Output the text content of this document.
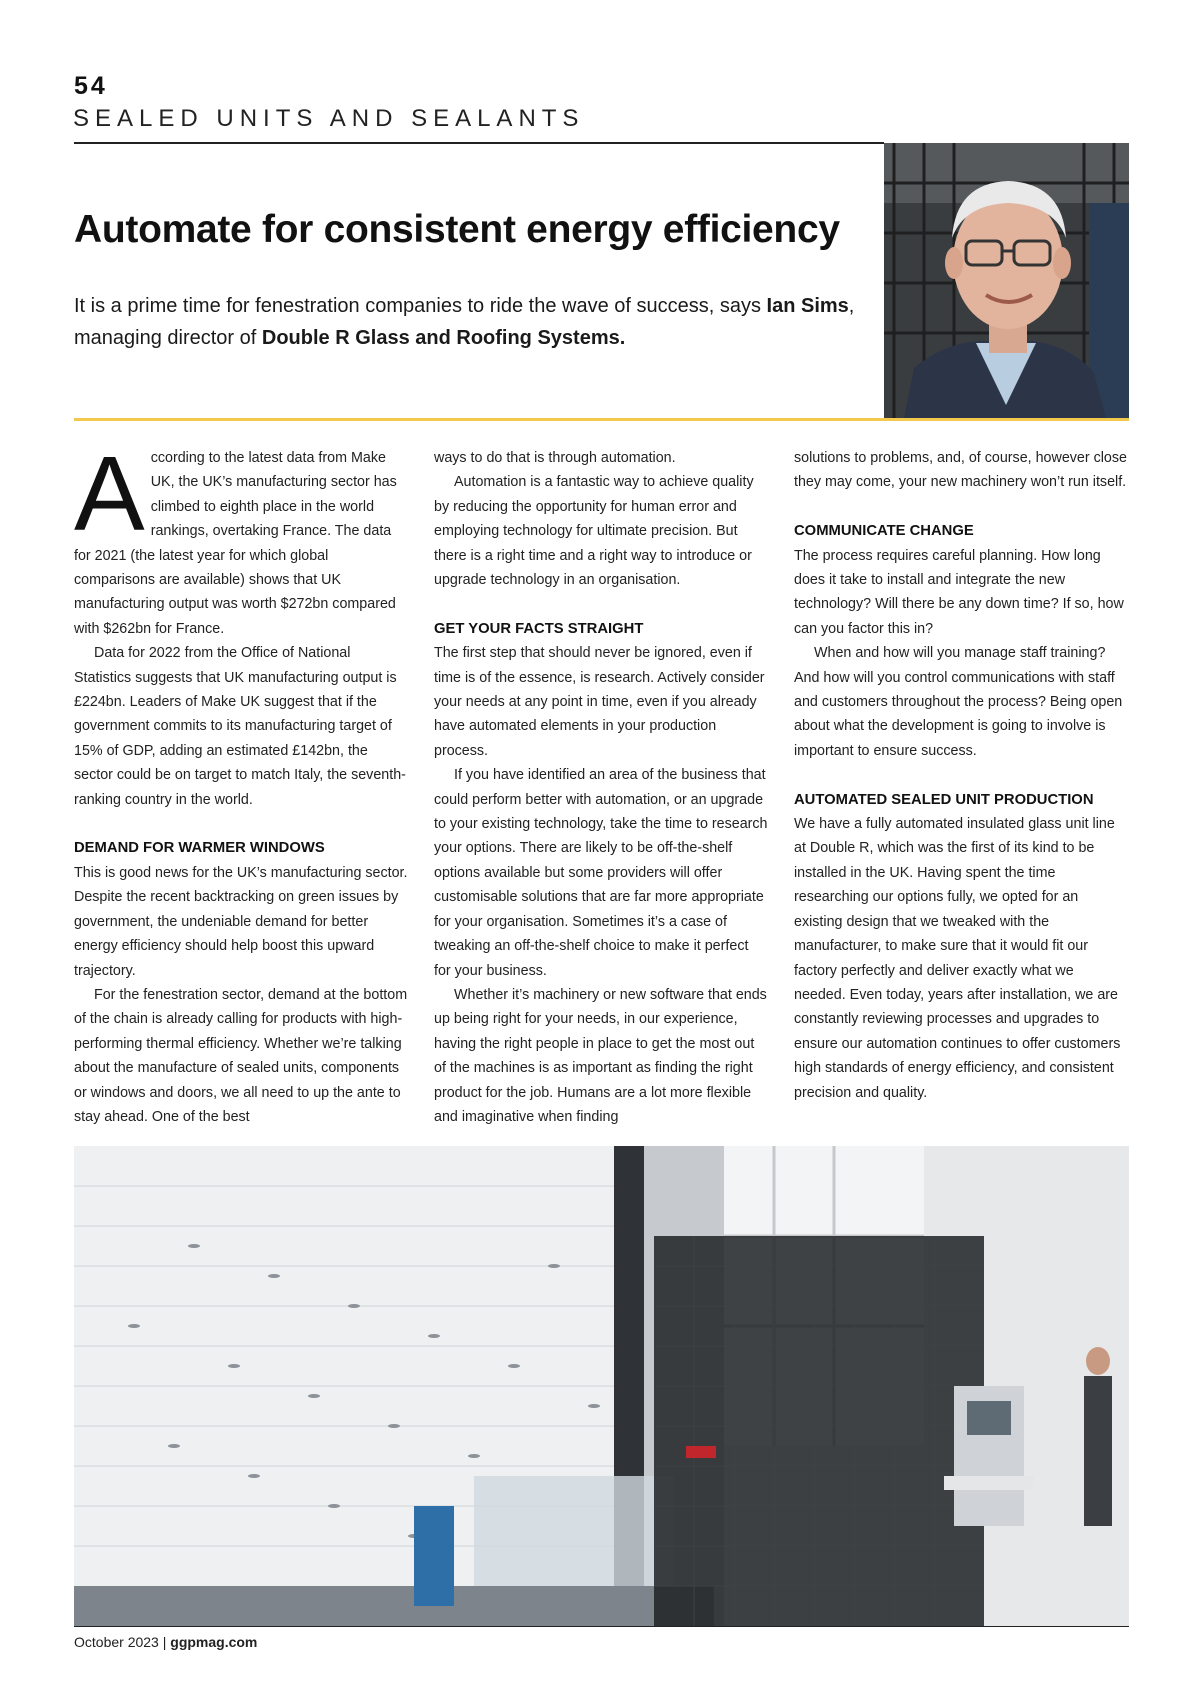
54
SEALED UNITS AND SEALANTS
Automate for consistent energy efficiency

It is a prime time for fenestration companies to ride the wave of success, says Ian Sims, managing director of Double R Glass and Roofing Systems.

According to the latest data from Make UK, the UK’s manufacturing sector has climbed to eighth place in the world rankings, overtaking France. The data for 2021 (the latest year for which global comparisons are available) shows that UK manufacturing output was worth $272bn compared with $262bn for France.

Data for 2022 from the Office of National Statistics suggests that UK manufacturing output is £224bn. Leaders of Make UK suggest that if the government commits to its manufacturing target of 15% of GDP, adding an estimated £142bn, the sector could be on target to match Italy, the seventh-ranking country in the world.

DEMAND FOR WARMER WINDOWS

This is good news for the UK’s manufacturing sector. Despite the recent backtracking on green issues by government, the undeniable demand for better energy efficiency should help boost this upward trajectory.

For the fenestration sector, demand at the bottom of the chain is already calling for products with high-performing thermal efficiency. Whether we’re talking about the manufacture of sealed units, components or windows and doors, we all need to up the ante to stay ahead. One of the best

ways to do that is through automation.

Automation is a fantastic way to achieve quality by reducing the opportunity for human error and employing technology for ultimate precision. But there is a right time and a right way to introduce or upgrade technology in an organisation.

GET YOUR FACTS STRAIGHT

The first step that should never be ignored, even if time is of the essence, is research. Actively consider your needs at any point in time, even if you already have automated elements in your production process.

If you have identified an area of the business that could perform better with automation, or an upgrade to your existing technology, take the time to research your options. There are likely to be off-the-shelf options available but some providers will offer customisable solutions that are far more appropriate for your organisation. Sometimes it’s a case of tweaking an off-the-shelf choice to make it perfect for your business.

Whether it’s machinery or new software that ends up being right for your needs, in our experience, having the right people in place to get the most out of the machines is as important as finding the right product for the job. Humans are a lot more flexible and imaginative when finding

solutions to problems, and, of course, however close they may come, your new machinery won’t run itself.

COMMUNICATE CHANGE

The process requires careful planning. How long does it take to install and integrate the new technology? Will there be any down time? If so, how can you factor this in?

When and how will you manage staff training? And how will you control communications with staff and customers throughout the process? Being open about what the development is going to involve is important to ensure success.

AUTOMATED SEALED UNIT PRODUCTION

We have a fully automated insulated glass unit line at Double R, which was the first of its kind to be installed in the UK. Having spent the time researching our options fully, we opted for an existing design that we tweaked with the manufacturer, to make sure that it would fit our factory perfectly and deliver exactly what we needed. Even today, years after installation, we are constantly reviewing processes and upgrades to ensure our automation continues to offer customers high standards of energy efficiency, and consistent precision and quality.

October 2023 | ggpmag.com
